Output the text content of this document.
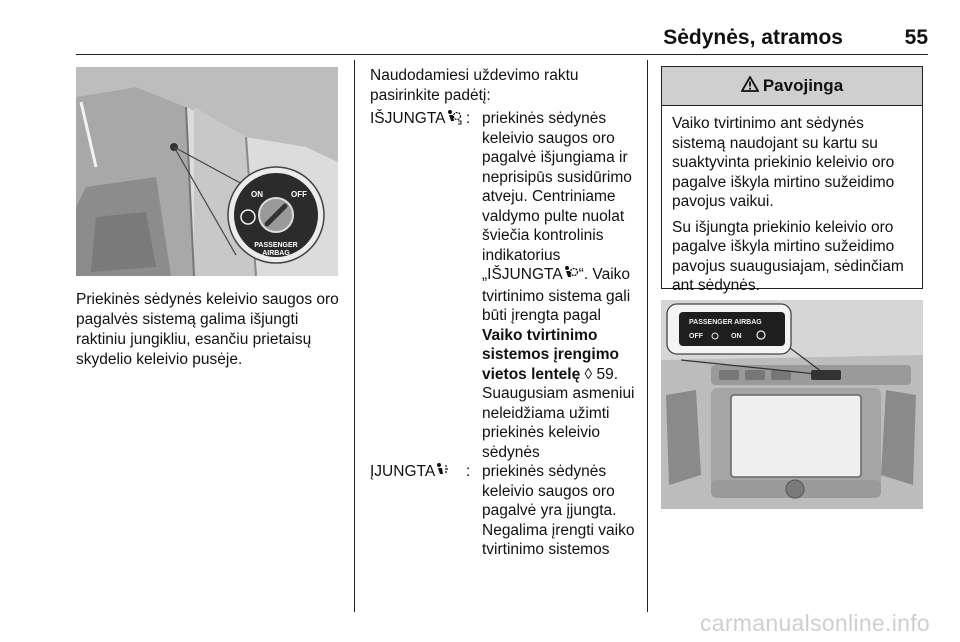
Sėdynės, atramos	55
ON	OFF
PASSENGER
AIRBAG
Priekinės sėdynės keleivio saugos oro pagalvės sistemą galima išjungti raktiniu jungikliu, esančiu prietaisų skydelio keleivio pusėje.
Naudodamiesi uždevimo raktu pasirinkite padėtį:
IŠJUNGTA	: priekinės sėdynės keleivio saugos oro pagalvė išjungiama ir neprisipūs susidūrimo atveju. Centriniame valdymo pulte nuolat šviečia kontrolinis indikatorius „IŠJUNGTA “. Vaiko tvirtinimo sistema gali būti įrengta pagal Vaiko tvirtinimo sistemos įrengimo vietos lentelę ◊ 59.
Suaugusiam asmeniui neleidžiama užimti priekinės keleivio sėdynės
ĮJUNGTA	: priekinės sėdynės keleivio saugos oro pagalvė yra įjungta. Negalima įrengti vaiko tvirtinimo sistemos
Pavojinga

Vaiko tvirtinimo ant sėdynės sistemą naudojant su kartu su suaktyvinta priekinio keleivio oro pagalve iškyla mirtino sužeidimo pavojus vaikui.

Su išjungta priekinio keleivio oro pagalve iškyla mirtino sužeidimo pavojus suaugusiajam, sėdinčiam ant sėdynės.

PASSENGER AIRBAG
OFF	ON
carmanualsonline.info
